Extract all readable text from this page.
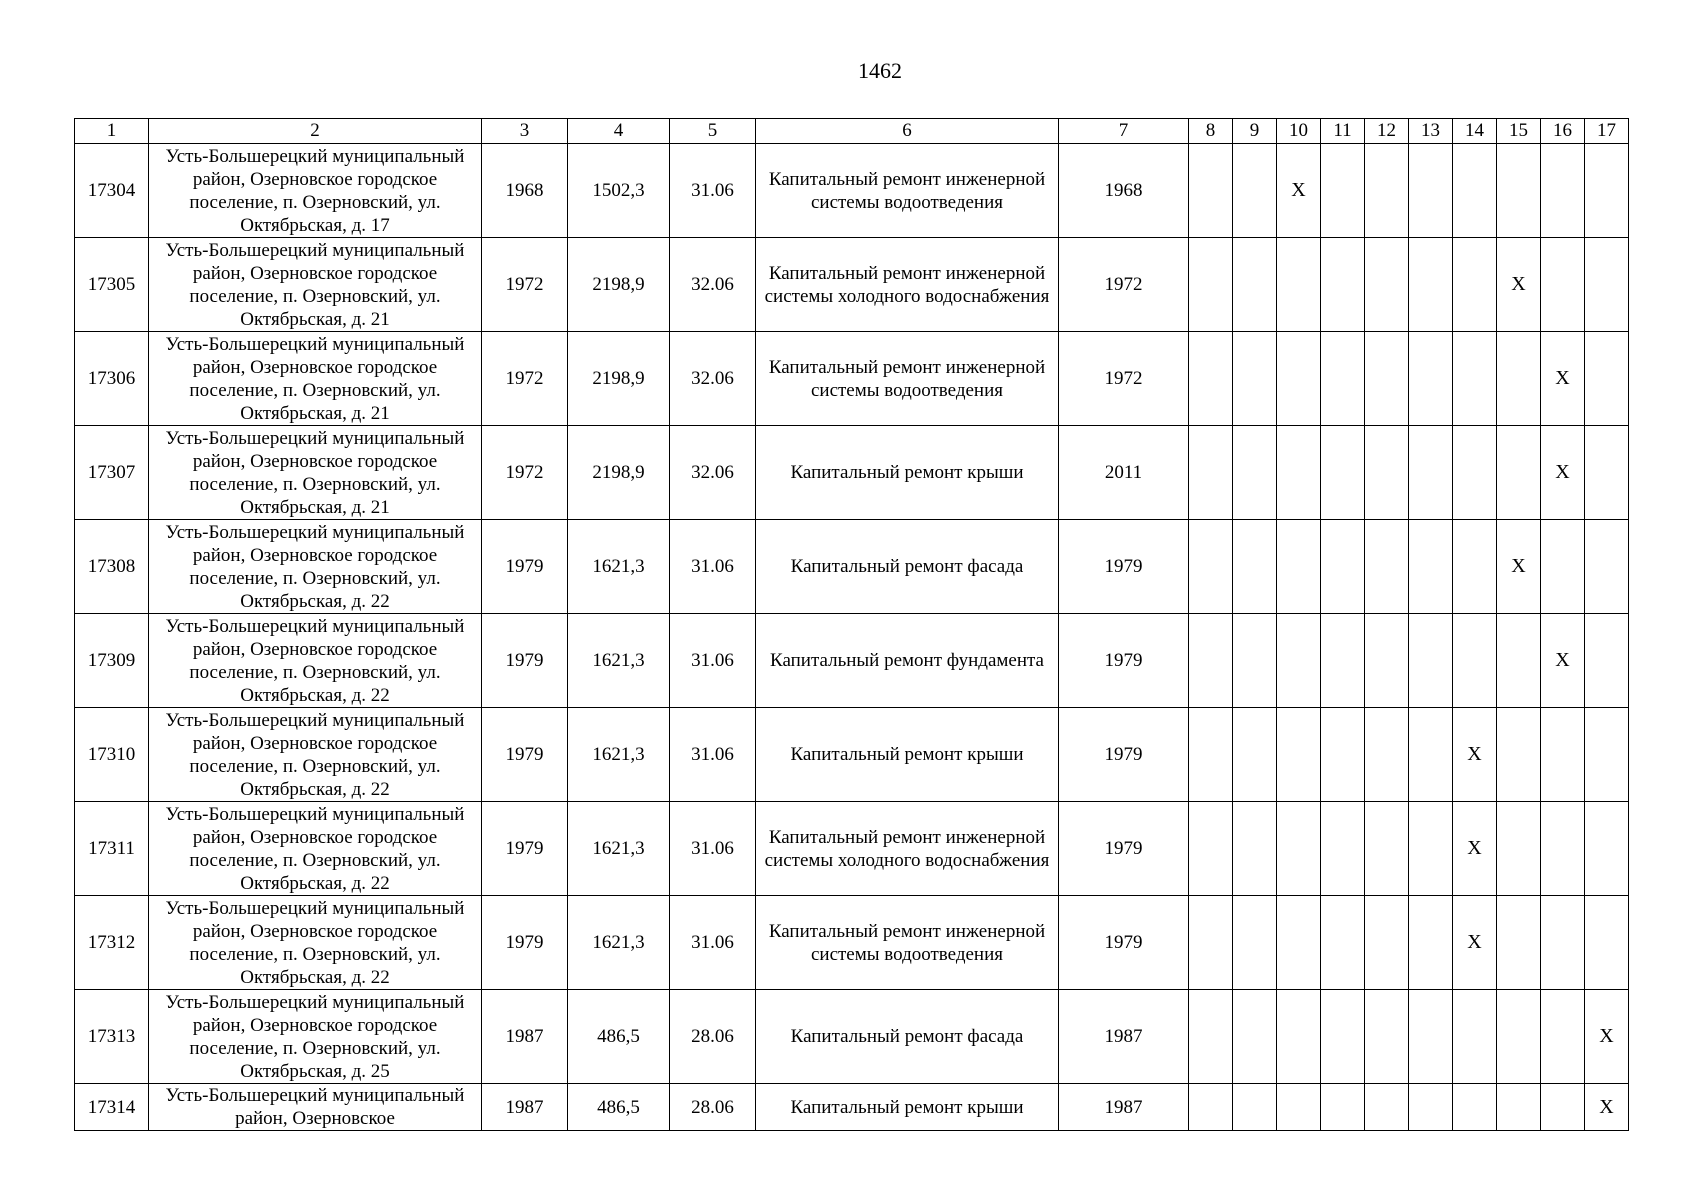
1462
1	2	3	4	5	6	7	8	9	10	11	12	13	14	15	16	17
17304	Усть-Большерецкий муниципальный район, Озерновское городское поселение, п. Озерновский, ул. Октябрьская, д. 17	1968	1502,3	31.06	Капитальный ремонт инженерной системы водоотведения	1968			X							
17305	Усть-Большерецкий муниципальный район, Озерновское городское поселение, п. Озерновский, ул. Октябрьская, д. 21	1972	2198,9	32.06	Капитальный ремонт инженерной системы холодного водоснабжения	1972								X		
17306	Усть-Большерецкий муниципальный район, Озерновское городское поселение, п. Озерновский, ул. Октябрьская, д. 21	1972	2198,9	32.06	Капитальный ремонт инженерной системы водоотведения	1972									X	
17307	Усть-Большерецкий муниципальный район, Озерновское городское поселение, п. Озерновский, ул. Октябрьская, д. 21	1972	2198,9	32.06	Капитальный ремонт крыши	2011									X	
17308	Усть-Большерецкий муниципальный район, Озерновское городское поселение, п. Озерновский, ул. Октябрьская, д. 22	1979	1621,3	31.06	Капитальный ремонт фасада	1979								X		
17309	Усть-Большерецкий муниципальный район, Озерновское городское поселение, п. Озерновский, ул. Октябрьская, д. 22	1979	1621,3	31.06	Капитальный ремонт фундамента	1979									X	
17310	Усть-Большерецкий муниципальный район, Озерновское городское поселение, п. Озерновский, ул. Октябрьская, д. 22	1979	1621,3	31.06	Капитальный ремонт крыши	1979							X			
17311	Усть-Большерецкий муниципальный район, Озерновское городское поселение, п. Озерновский, ул. Октябрьская, д. 22	1979	1621,3	31.06	Капитальный ремонт инженерной системы холодного водоснабжения	1979							X			
17312	Усть-Большерецкий муниципальный район, Озерновское городское поселение, п. Озерновский, ул. Октябрьская, д. 22	1979	1621,3	31.06	Капитальный ремонт инженерной системы водоотведения	1979							X			
17313	Усть-Большерецкий муниципальный район, Озерновское городское поселение, п. Озерновский, ул. Октябрьская, д. 25	1987	486,5	28.06	Капитальный ремонт фасада	1987										X
17314	Усть-Большерецкий муниципальный район, Озерновское	1987	486,5	28.06	Капитальный ремонт крыши	1987										X
